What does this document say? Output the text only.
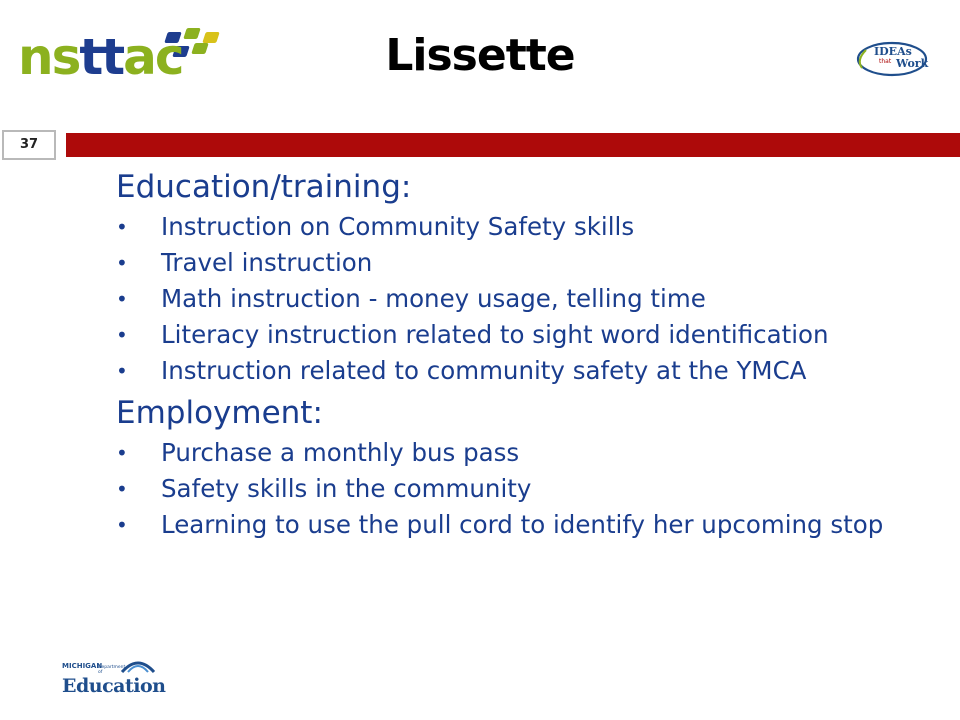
nsttac	Lissette	IDEAs
that Work
37
Education/training:
• Instruction on Community Safety skills
• Travel instruction
• Math instruction - money usage, telling time
• Literacy instruction related to sight word identification
• Instruction related to community safety at the YMCA
Employment:
• Purchase a monthly bus pass
• Safety skills in the community
• Learning to use the pull cord to identify her upcoming stop
MICHIGAN
Department of
Education
